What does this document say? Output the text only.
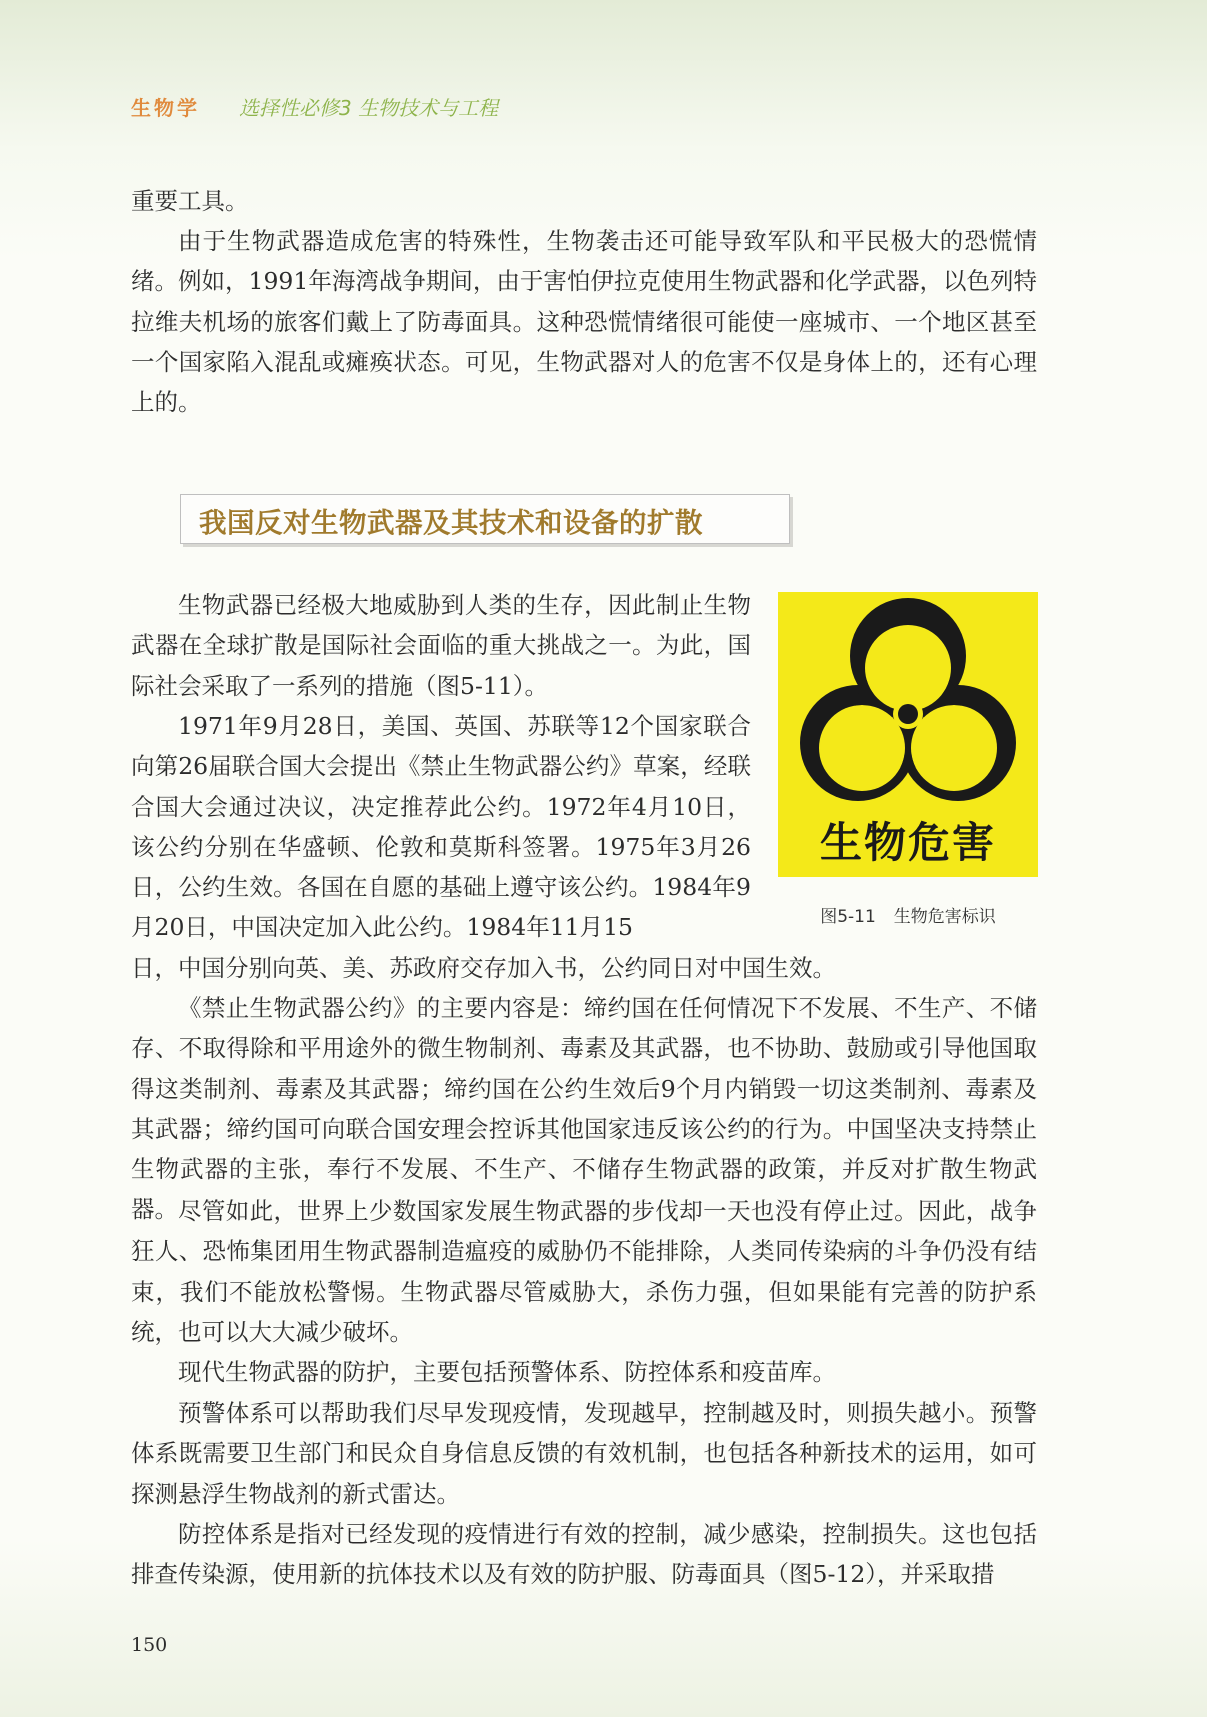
生物学 选择性必修3 生物技术与工程

重要工具。

由于生物武器造成危害的特殊性，生物袭击还可能导致军队和平民极大的恐慌情绪。例如，1991年海湾战争期间，由于害怕伊拉克使用生物武器和化学武器，以色列特拉维夫机场的旅客们戴上了防毒面具。这种恐慌情绪很可能使一座城市、一个地区甚至一个国家陷入混乱或瘫痪状态。可见，生物武器对人的危害不仅是身体上的，还有心理上的。

我国反对生物武器及其技术和设备的扩散

生物武器已经极大地威胁到人类的生存，因此制止生物武器在全球扩散是国际社会面临的重大挑战之一。为此，国际社会采取了一系列的措施（图5-11）。

1971年9月28日，美国、英国、苏联等12个国家联合向第26届联合国大会提出《禁止生物武器公约》草案，经联合国大会通过决议，决定推荐此公约。1972年4月10日，该公约分别在华盛顿、伦敦和莫斯科签署。1975年3月26日，公约生效。各国在自愿的基础上遵守该公约。1984年9月20日，中国决定加入此公约。1984年11月15

日，中国分别向英、美、苏政府交存加入书，公约同日对中国生效。

《禁止生物武器公约》的主要内容是：缔约国在任何情况下不发展、不生产、不储存、不取得除和平用途外的微生物制剂、毒素及其武器，也不协助、鼓励或引导他国取得这类制剂、毒素及其武器；缔约国在公约生效后9个月内销毁一切这类制剂、毒素及其武器；缔约国可向联合国安理会控诉其他国家违反该公约的行为。中国坚决支持禁止生物武器的主张，奉行不发展、不生产、不储存生物武器的政策，并反对扩散生物武器。 尽管如此，世界上少数国家发展生物武器的步伐却一天也没有停止过。因此，战争狂人、恐怖集团用生物武器制造瘟疫的威胁仍不能排除，人类同传染病的斗争仍没有结束，我们不能放松警惕。生物武器尽管威胁大，杀伤力强，但如果能有完善的防护系统，也可以大大减少破坏。

现代生物武器的防护，主要包括预警体系、防控体系和疫苗库。

预警体系可以帮助我们尽早发现疫情，发现越早，控制越及时，则损失越小。预警体系既需要卫生部门和民众自身信息反馈的有效机制，也包括各种新技术的运用，如可探测悬浮生物战剂的新式雷达。

防控体系是指对已经发现的疫情进行有效的控制，减少感染，控制损失。这也包括排查传染源，使用新的抗体技术以及有效的防护服、防毒面具（图5-12），并采取措

生物危害
图5-11 生物危害标识
150
